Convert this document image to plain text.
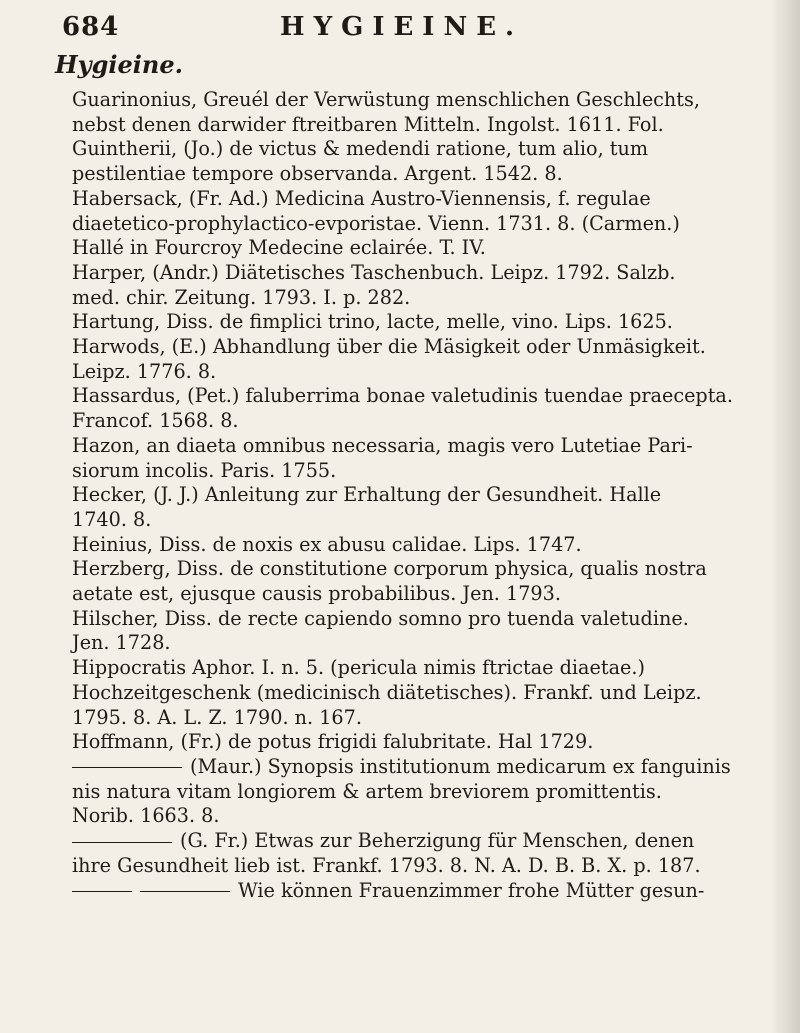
684	HYGIEINE.
Hygieine.

Guarinonius, Greuél der Verwüstung menschlichen Geschlechts,
nebst denen darwider ftreitbaren Mitteln. Ingolst. 1611. Fol.

Guintherii, (Jo.) de victus & medendi ratione, tum alio, tum
pestilentiae tempore observanda. Argent. 1542. 8.

Habersack, (Fr. Ad.) Medicina Austro-Viennensis, f. regulae
diaetetico-prophylactico-evporistae. Vienn. 1731. 8. (Carmen.)

Hallé in Fourcroy Medecine eclairée. T. IV.

Harper, (Andr.) Diätetisches Taschenbuch. Leipz. 1792. Salzb.
med. chir. Zeitung. 1793. I. p. 282.

Hartung, Diss. de fimplici trino, lacte, melle, vino. Lips. 1625.

Harwods, (E.) Abhandlung über die Mäsigkeit oder Unmäsigkeit.
Leipz. 1776. 8.

Hassardus, (Pet.) faluberrima bonae valetudinis tuendae praecepta.
Francof. 1568. 8.

Hazon, an diaeta omnibus necessaria, magis vero Lutetiae Pari-
siorum incolis. Paris. 1755.

Hecker, (J. J.) Anleitung zur Erhaltung der Gesundheit. Halle
1740. 8.

Heinius, Diss. de noxis ex abusu calidae. Lips. 1747.

Herzberg, Diss. de constitutione corporum physica, qualis nostra
aetate est, ejusque causis probabilibus. Jen. 1793.

Hilscher, Diss. de recte capiendo somno pro tuenda valetudine.
Jen. 1728.

Hippocratis Aphor. I. n. 5. (pericula nimis ftrictae diaetae.)
Hochzeitgeschenk (medicinisch diätetisches). Frankf. und Leipz.
1795. 8. A. L. Z. 1790. n. 167.

Hoffmann, (Fr.) de potus frigidi falubritate. Hal 1729.

(Maur.) Synopsis institutionum medicarum ex fanguinis
nis natura vitam longiorem & artem breviorem promittentis.
Norib. 1663. 8.

(G. Fr.) Etwas zur Beherzigung für Menschen, denen
ihre Gesundheit lieb ist. Frankf. 1793. 8. N. A. D. B. B. X. p. 187.

Wie können Frauenzimmer frohe Mütter gesun-
